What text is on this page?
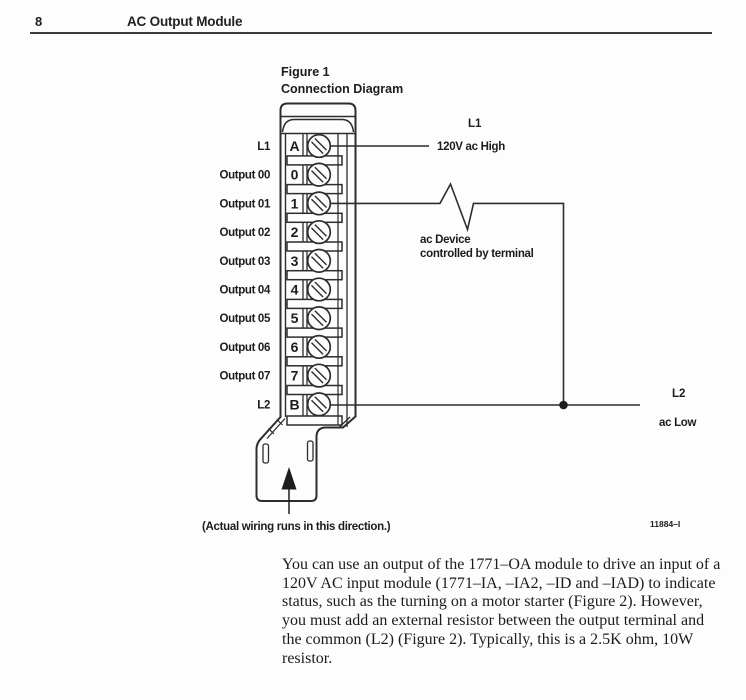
8	AC Output Module
Figure 1
Connection Diagram
L1 A
Output 00 0
Output 01 1
Output 02 2
Output 03 3
Output 04 4
Output 05 5
Output 06 6
Output 07 7
L2 B
L1
120V ac High
ac Device
controlled by terminal
L2
ac Low
(Actual wiring runs in this direction.)	11884–I
You can use an output of the 1771–OA module to drive an input of a
120V AC input module (1771–IA, –IA2, –ID and –IAD) to indicate
status, such as the turning on a motor starter (Figure 2). However,
you must add an external resistor between the output terminal and
the common (L2) (Figure 2). Typically, this is a 2.5K ohm, 10W
resistor.
